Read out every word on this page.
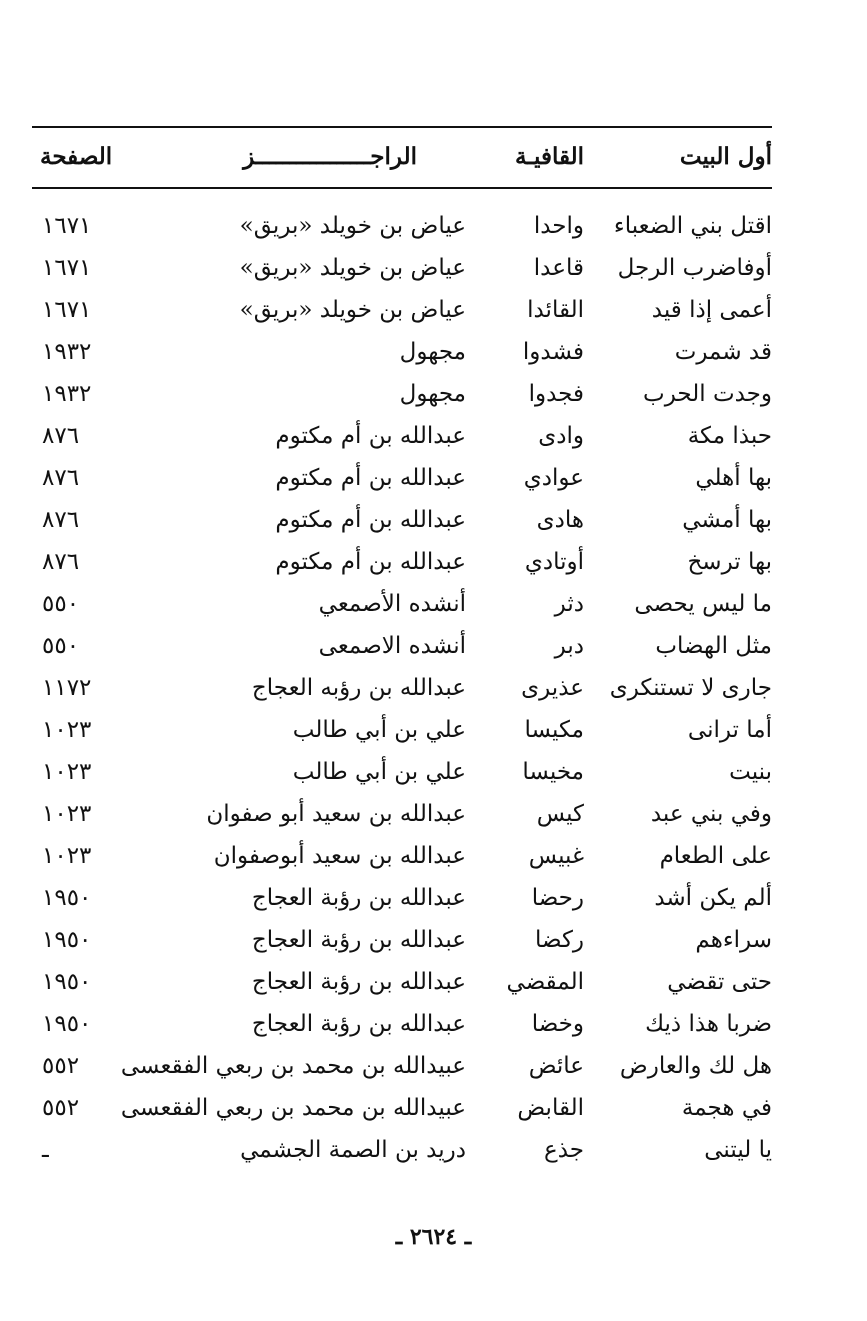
أول البيت
القافيـة
الراجـــــــــــــــــز
الصفحة
اقتل بني الضعباء
واحدا
عياض بن خويلد «بريق»
١٦٧١
أوفاضرب الرجل
قاعدا
عياض بن خويلد «بريق»
١٦٧١
أعمى إذا قيد
القائدا
عياض بن خويلد «بريق»
١٦٧١
قد شمرت
فشدوا
مجهول
١٩٣٢
وجدت الحرب
فجدوا
مجهول
١٩٣٢
حبذا مكة
وادى
عبدالله بن أم مكتوم
٨٧٦
بها أهلي
عوادي
عبدالله بن أم مكتوم
٨٧٦
بها أمشي
هادى
عبدالله بن أم مكتوم
٨٧٦
بها ترسخ
أوتادي
عبدالله بن أم مكتوم
٨٧٦
ما ليس يحصى
دثر
أنشده الأصمعي
٥٥٠
مثل الهضاب
دبر
أنشده الاصمعى
٥٥٠
جارى لا تستنكرى
عذيرى
عبدالله بن رؤبه العجاج
١١٧٢
أما ترانى
مكيسا
علي بن أبي طالب
١٠٢٣
بنيت
مخيسا
علي بن أبي طالب
١٠٢٣
وفي بني عبد
كيس
عبدالله بن سعيد أبو صفوان
١٠٢٣
على الطعام
غبيس
عبدالله بن سعيد أبوصفوان
١٠٢٣
ألم يكن أشد
رحضا
عبدالله بن رؤبة العجاج
١٩٥٠
سراءهم
ركضا
عبدالله بن رؤبة العجاج
١٩٥٠
حتى تقضي
المقضي
عبدالله بن رؤبة العجاج
١٩٥٠
ضربا هذا ذيك
وخضا
عبدالله بن رؤبة العجاج
١٩٥٠
هل لك والعارض
عائض
عبيدالله بن محمد بن ربعي الفقعسى
٥٥٢
في هجمة
القابض
عبيدالله بن محمد بن ربعي الفقعسى
٥٥٢
يا ليتنى
جذع
دريد بن الصمة الجشمي
ـ
ـ ٢٦٢٤ ـ
